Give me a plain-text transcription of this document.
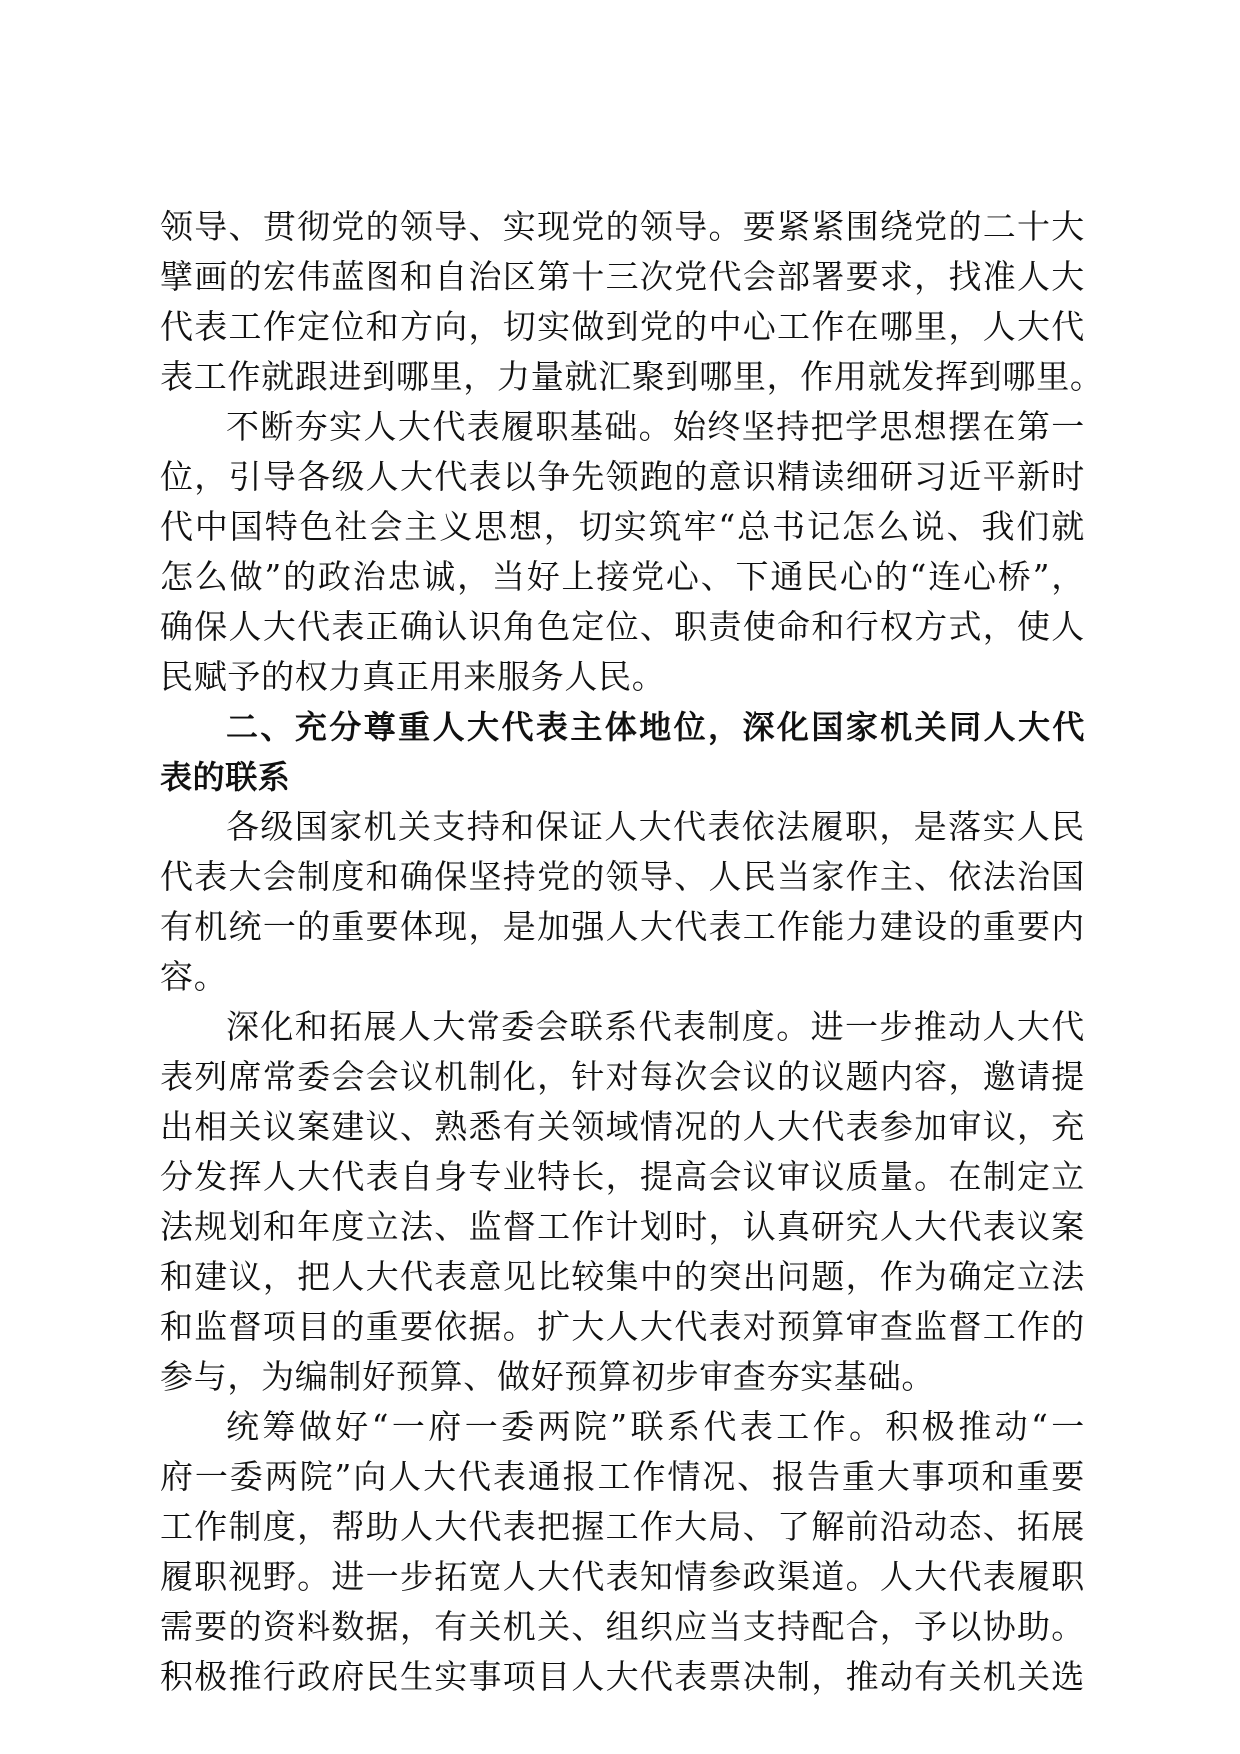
领导、贯彻党的领导、实现党的领导。要紧紧围绕党的二十大
擘画的宏伟蓝图和自治区第十三次党代会部署要求，找准人大
代表工作定位和方向，切实做到党的中心工作在哪里，人大代
表工作就跟进到哪里，力量就汇聚到哪里，作用就发挥到哪里。
不断夯实人大代表履职基础。始终坚持把学思想摆在第一
位，引导各级人大代表以争先领跑的意识精读细研习近平新时
代中国特色社会主义思想，切实筑牢“总书记怎么说、我们就
怎么做”的政治忠诚，当好上接党心、下通民心的“连心桥”，
确保人大代表正确认识角色定位、职责使命和行权方式，使人
民赋予的权力真正用来服务人民。
二、充分尊重人大代表主体地位，深化国家机关同人大代
表的联系
各级国家机关支持和保证人大代表依法履职，是落实人民
代表大会制度和确保坚持党的领导、人民当家作主、依法治国
有机统一的重要体现，是加强人大代表工作能力建设的重要内
容。
深化和拓展人大常委会联系代表制度。进一步推动人大代
表列席常委会会议机制化，针对每次会议的议题内容，邀请提
出相关议案建议、熟悉有关领域情况的人大代表参加审议，充
分发挥人大代表自身专业特长，提高会议审议质量。在制定立
法规划和年度立法、监督工作计划时，认真研究人大代表议案
和建议，把人大代表意见比较集中的突出问题，作为确定立法
和监督项目的重要依据。扩大人大代表对预算审查监督工作的
参与，为编制好预算、做好预算初步审查夯实基础。
统筹做好“一府一委两院”联系代表工作。积极推动“一
府一委两院”向人大代表通报工作情况、报告重大事项和重要
工作制度，帮助人大代表把握工作大局、了解前沿动态、拓展
履职视野。进一步拓宽人大代表知情参政渠道。人大代表履职
需要的资料数据，有关机关、组织应当支持配合，予以协助。
积极推行政府民生实事项目人大代表票决制，推动有关机关选
